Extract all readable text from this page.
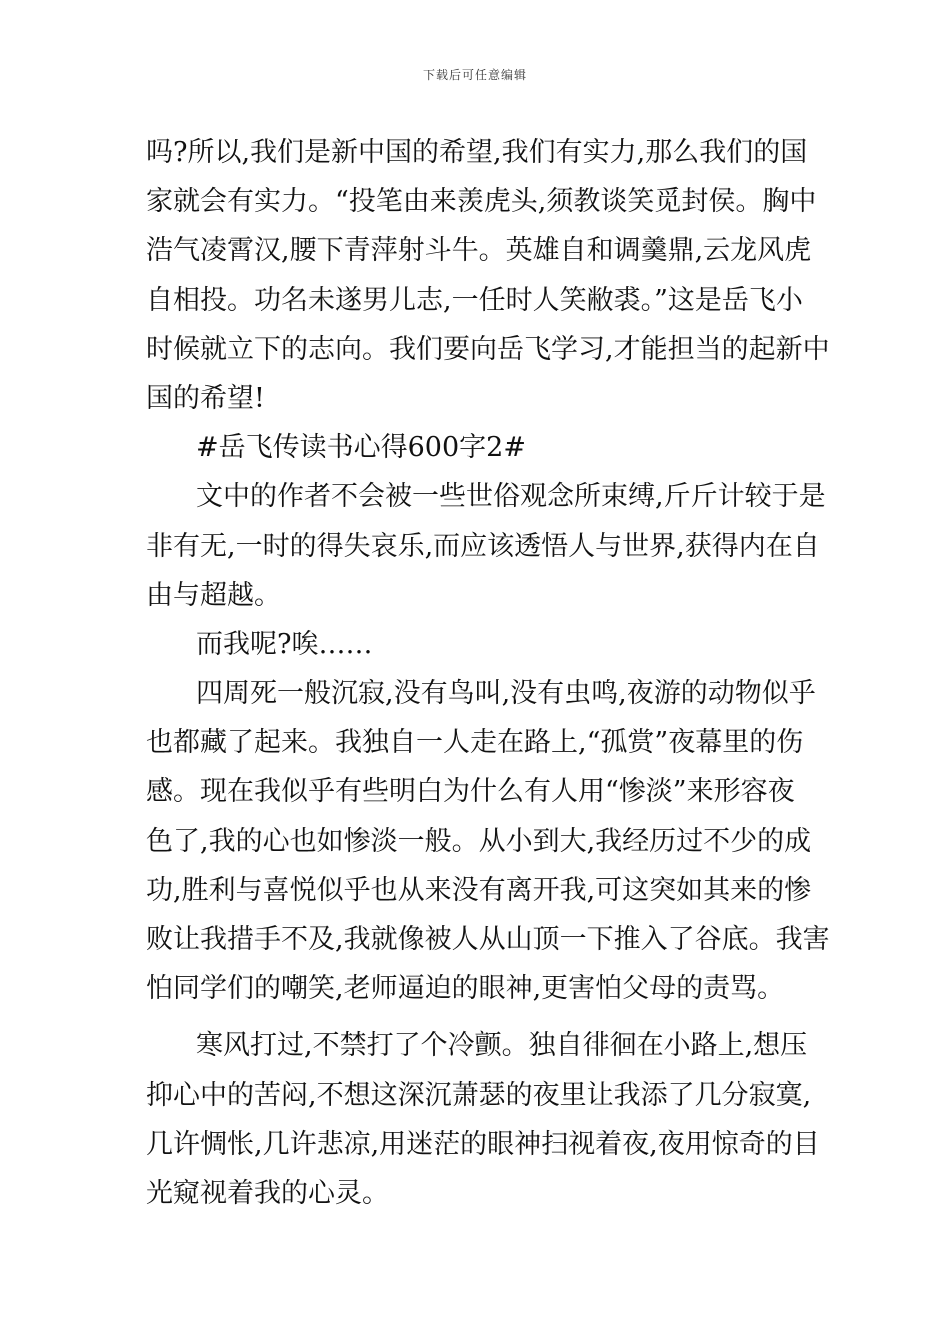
下载后可任意编辑
吗?所以,我们是新中国的希望,我们有实力,那么我们的国
家就会有实力。“投笔由来羡虎头,须教谈笑觅封侯。胸中
浩气凌霄汉,腰下青萍射斗牛。英雄自和调羹鼎,云龙风虎
自相投。功名未遂男儿志,一任时人笑敝裘。”这是岳飞小
时候就立下的志向。我们要向岳飞学习,才能担当的起新中
国的希望!
#岳飞传读书心得600字2#
文中的作者不会被一些世俗观念所束缚,斤斤计较于是
非有无,一时的得失哀乐,而应该透悟人与世界,获得内在自
由与超越。
而我呢?唉……
四周死一般沉寂,没有鸟叫,没有虫鸣,夜游的动物似乎
也都藏了起来。我独自一人走在路上,“孤赏”夜幕里的伤
感。现在我似乎有些明白为什么有人用“惨淡”来形容夜
色了,我的心也如惨淡一般。从小到大,我经历过不少的成
功,胜利与喜悦似乎也从来没有离开我,可这突如其来的惨
败让我措手不及,我就像被人从山顶一下推入了谷底。我害
怕同学们的嘲笑,老师逼迫的眼神,更害怕父母的责骂。
寒风打过,不禁打了个冷颤。独自徘徊在小路上,想压
抑心中的苦闷,不想这深沉萧瑟的夜里让我添了几分寂寞,
几许惆怅,几许悲凉,用迷茫的眼神扫视着夜,夜用惊奇的目
光窥视着我的心灵。
